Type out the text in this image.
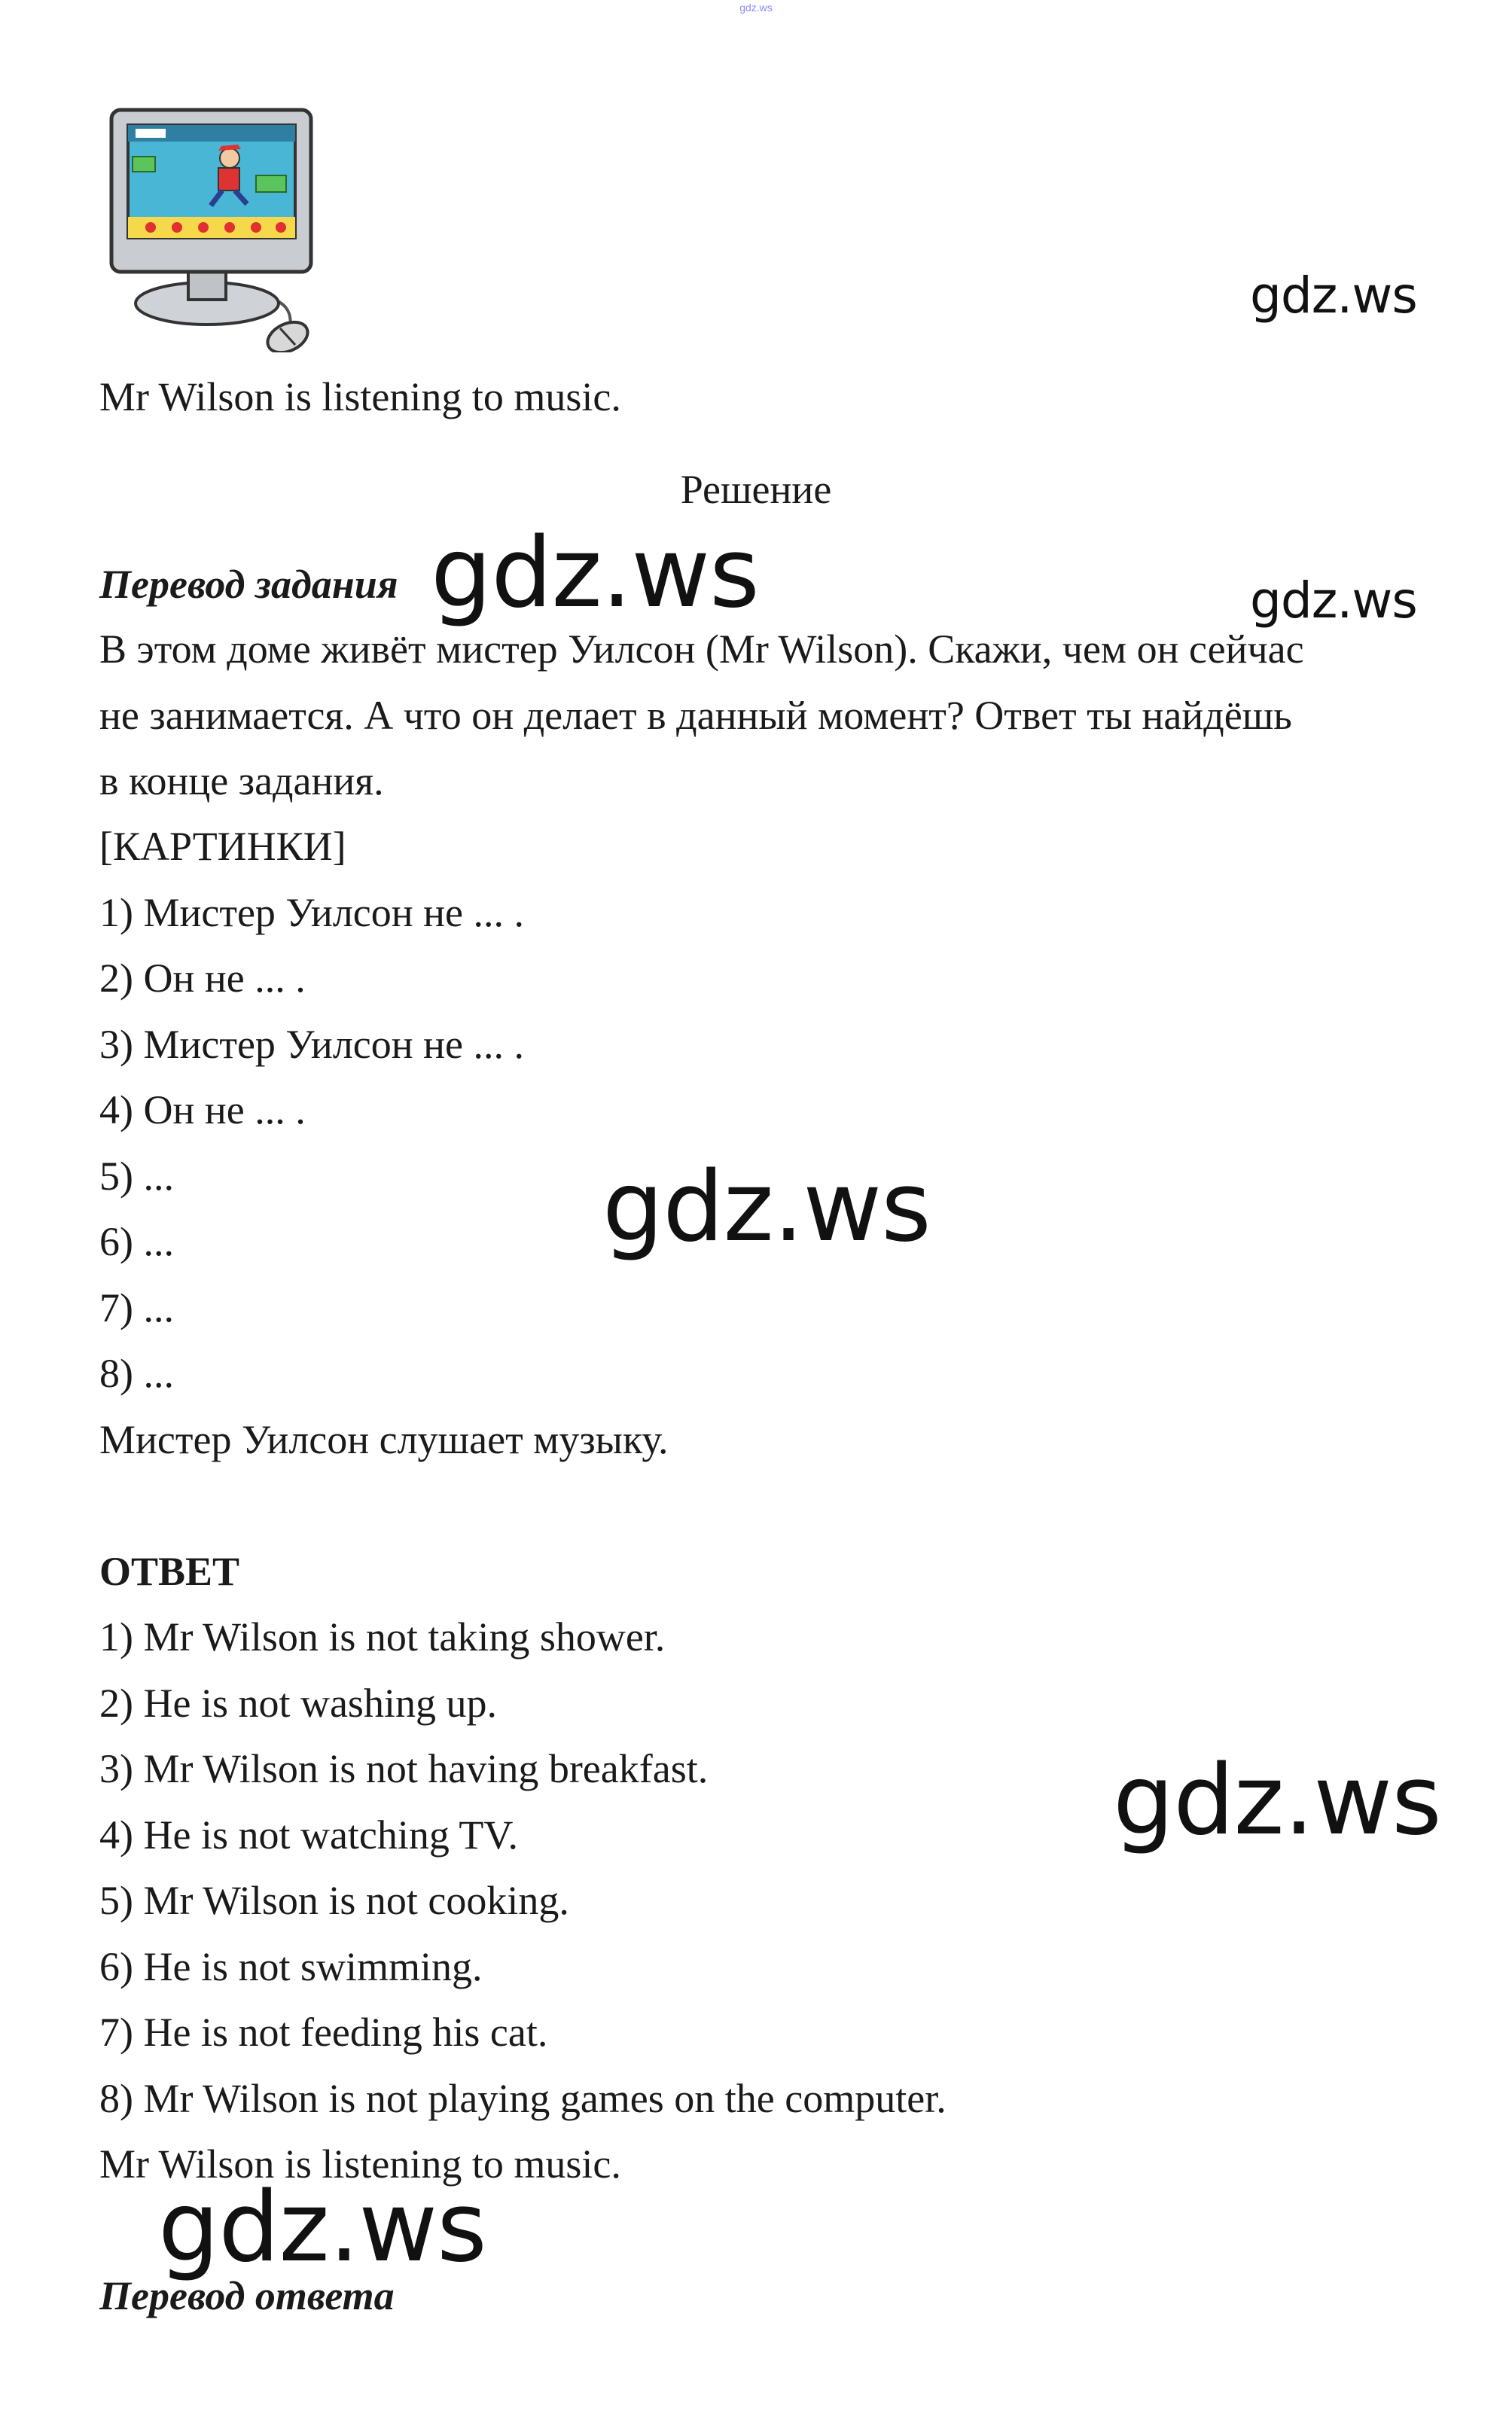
gdz.ws
gdz.ws
gdz.ws	gdz.ws
gdz.ws
gdz.ws
gdz.ws
Mr Wilson is listening to music.
Решение
Перевод задания
В этом доме живёт мистер Уилсон (Mr Wilson). Скажи, чем он сейчас
не занимается. А что он делает в данный момент? Ответ ты найдёшь
в конце задания.
[КАРТИНКИ]
1) Мистер Уилсон не ... .
2) Он не ... .
3) Мистер Уилсон не ... .
4) Он не ... .
5) ...
6) ...
7) ...
8) ...
Мистер Уилсон слушает музыку.
ОТВЕТ
1) Mr Wilson is not taking shower.
2) He is not washing up.
3) Mr Wilson is not having breakfast.
4) He is not watching TV.
5) Mr Wilson is not cooking.
6) He is not swimming.
7) He is not feeding his cat.
8) Mr Wilson is not playing games on the computer.
Mr Wilson is listening to music.
Перевод ответа
